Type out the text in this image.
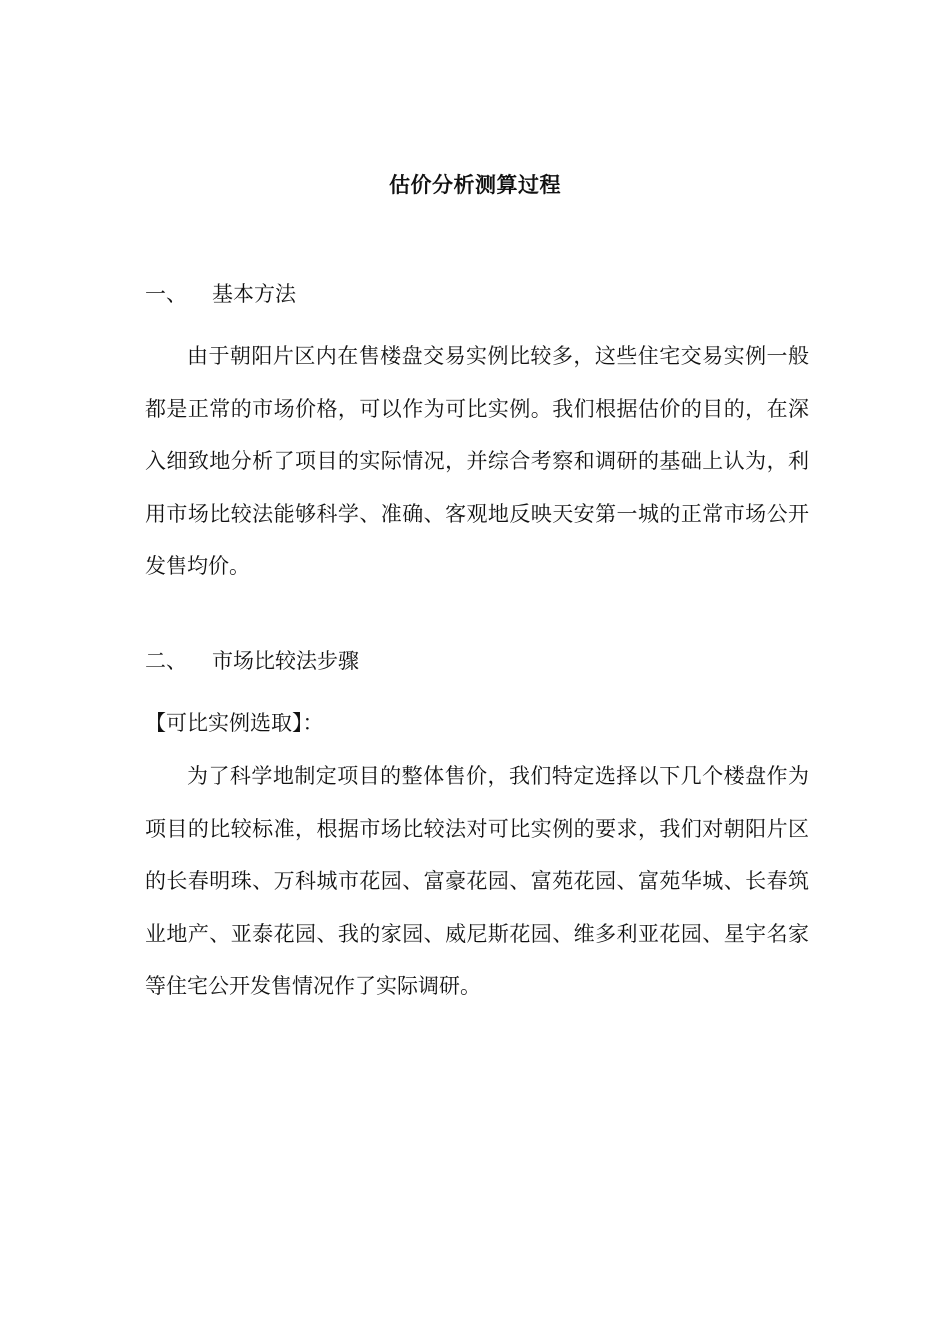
估价分析测算过程
一、 基本方法

由于朝阳片区内在售楼盘交易实例比较多，这些住宅交易实例一般都是正常的市场价格，可以作为可比实例。我们根据估价的目的，在深入细致地分析了项目的实际情况，并综合考察和调研的基础上认为，利用市场比较法能够科学、准确、客观地反映天安第一城的正常市场公开发售均价。

二、 市场比较法步骤
【可比实例选取】：

为了科学地制定项目的整体售价，我们特定选择以下几个楼盘作为项目的比较标准，根据市场比较法对可比实例的要求，我们对朝阳片区的长春明珠、万科城市花园、富豪花园、富苑花园、富苑华城、长春筑业地产、亚泰花园、我的家园、威尼斯花园、维多利亚花园、星宇名家等住宅公开发售情况作了实际调研。
